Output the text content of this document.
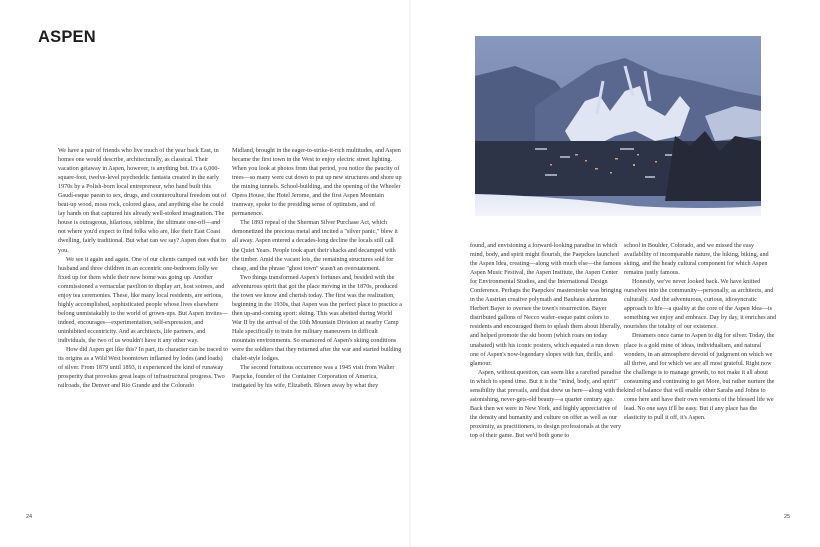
ASPEN

We have a pair of friends who live much of the year back East, in homes one would describe, architecturally, as classical. Their vacation getaway in Aspen, however, is anything but. It's a 6,000-square-foot, twelve-level psychedelic fantasia created in the early 1970s by a Polish-born local entrepreneur, who hand built this Gaudí-esque paean to sex, drugs, and countercultural freedom out of beat-up wood, moss rock, colored glass, and anything else he could lay hands on that captured his already well-stoked imagination. The house is outrageous, hilarious, sublime, the ultimate one-off—and not where you'd expect to find folks who are, like their East Coast dwelling, fairly traditional. But what can we say? Aspen does that to you.

We see it again and again. One of our clients camped out with her husband and three children in an eccentric one-bedroom folly we fixed up for them while their new home was going up. Another commissioned a vernacular pavilion to display art, host soirees, and enjoy tea ceremonies. These, like many local residents, are serious, highly accomplished, sophisticated people whose lives elsewhere belong unmistakably to the world of grown-ups. But Aspen invites—indeed, encourages—experimentation, self-expression, and uninhibited eccentricity. And as architects, life partners, and individuals, the two of us wouldn't have it any other way.

How did Aspen get like this? In part, its character can be traced to its origins as a Wild West boomtown inflamed by lodes (and loads) of silver. From 1879 until 1893, it experienced the kind of runaway prosperity that provokes great leaps of infrastructural progress. Two railroads, the Denver and Rio Grande and the Colorado

Midland, brought in the eager-to-strike-it-rich multitudes, and Aspen became the first town in the West to enjoy electric street lighting. When you look at photos from that period, you notice the paucity of trees—so many were cut down to put up new structures and shore up the mining tunnels. School-building, and the opening of the Wheeler Opera House, the Hotel Jerome, and the first Aspen Mountain tramway, spoke to the presiding sense of optimism, and of permanence.

The 1893 repeal of the Sherman Silver Purchase Act, which demonetized the precious metal and incited a "silver panic," blew it all away. Aspen entered a decades-long decline the locals still call the Quiet Years. People took apart their shacks and decamped with the timber. Amid the vacant lots, the remaining structures sold for cheap, and the phrase "ghost town" wasn't an overstatement.

Two things transformed Aspen's fortunes and, besided with the adventurous spirit that got the place moving in the 1870s, produced the town we know and cherish today. The first was the realization, beginning in the 1930s, that Aspen was the perfect place to practice a then up-and-coming sport: skiing. This was abetted during World War II by the arrival of the 10th Mountain Division at nearby Camp Hale specifically to train for military maneuvers in difficult mountain environments. So enamored of Aspen's skiing conditions were the soldiers that they returned after the war and started building chalet-style lodges.

The second fortuitous occurrence was a 1945 visit from Walter Paepcke, founder of the Container Corporation of America, instigated by his wife, Elizabeth. Blown away by what they

found, and envisioning a forward-looking paradise in which mind, body, and spirit might flourish, the Paepckes launched the Aspen Idea, creating—along with much else—the famous Aspen Music Festival, the Aspen Institute, the Aspen Center for Environmental Studies, and the International Design Conference. Perhaps the Paepckes' masterstroke was bringing in the Austrian creative polymath and Bauhaus alumnus Herbert Bayer to oversee the town's resurrection. Bayer distributed gallons of Necco wafer–esque paint colors to residents and encouraged them to splash them about liberally, and helped promote the ski boom (which roars on today unabated) with his iconic posters, which equated a run down one of Aspen's now-legendary slopes with fun, thrills, and glamour.

Aspen, without question, can seem like a rarefied paradise in which to spend time. But it is the "mind, body, and spirit" sensibility that prevails, and that drew us here—along with the astonishing, never-gets-old beauty—a quarter century ago. Back then we were in New York, and highly appreciative of the density and humanity and culture on offer as well as our proximity, as practitioners, to design professionals at the very top of their game. But we'd both gone to

school in Boulder, Colorado, and we missed the easy availability of incomparable nature, the hiking, biking, and skiing, and the heady cultural component for which Aspen remains justly famous.

Honestly, we've never looked back. We have knitted ourselves into the community—personally, as architects, and culturally. And the adventurous, curious, idiosyncratic approach to life—a quality at the core of the Aspen Idea—is something we enjoy and embrace. Day by day, it enriches and nourishes the totality of our existence.

Dreamers once came to Aspen to dig for silver. Today, the place is a gold mine of ideas, individualism, and natural wonders, in an atmosphere devoid of judgment on which we all thrive, and for which we are all most grateful. Right now the challenge is to manage growth, to not make it all about consuming and continuing to get More, but rather nurture the kind of balance that will enable other Sarahs and Johns to come here and have their own versions of the blessed life we lead. No one says it'll be easy. But if any place has the elasticity to pull it off, it's Aspen.

24	25
